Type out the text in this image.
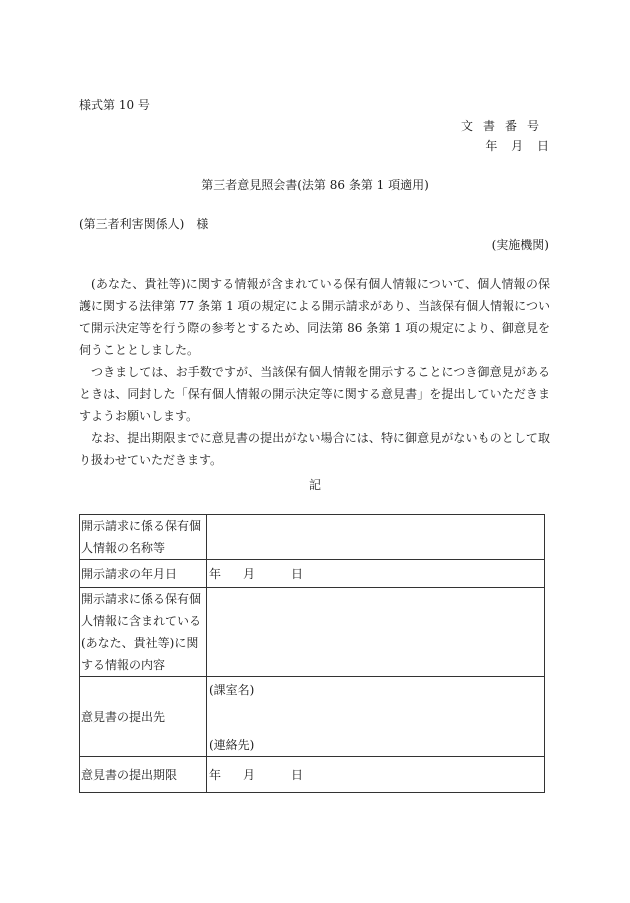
様式第 10 号
文書番号
年 月 日
第三者意見照会書(法第 86 条第 1 項適用)
(第三者利害関係人)　様
(実施機関)

(あなた、貴社等)に関する情報が含まれている保有個人情報について、個人情報の保護に関する法律第 77 条第 1 項の規定による開示請求があり、当該保有個人情報について開示決定等を行う際の参考とするため、同法第 86 条第 1 項の規定により、御意見を伺うこととしました。

つきましては、お手数ですが、当該保有個人情報を開示することにつき御意見があるときは、同封した「保有個人情報の開示決定等に関する意見書」を提出していただきますようお願いします。

なお、提出期限までに意見書の提出がない場合には、特に御意見がないものとして取り扱わせていただきます。

記
開示請求に係る保有個人情報の名称等	
開示請求の年月日	年 月 日
開示請求に係る保有個人情報に含まれている(あなた、貴社等)に関する情報の内容	
意見書の提出先	(課室名)
(連絡先)

意見書の提出期限	年 月 日
